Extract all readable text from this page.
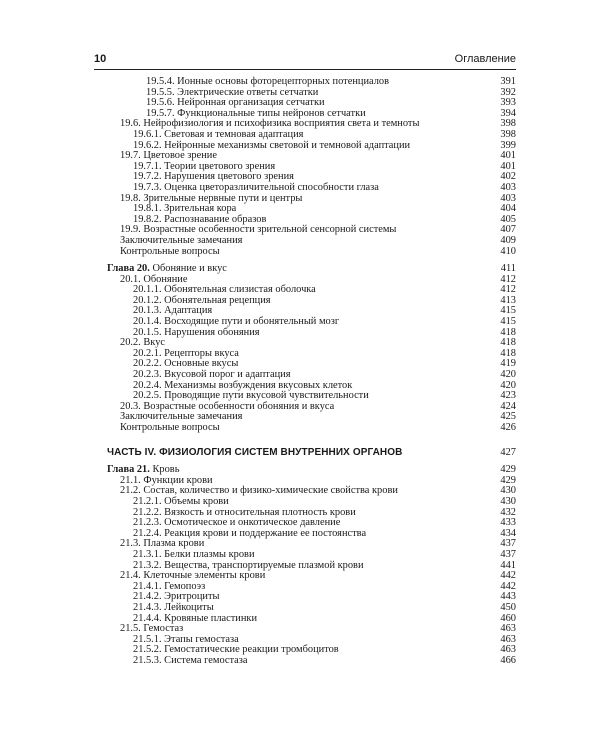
10	Оглавление
19.5.4. Ионные основы фоторецепторных потенциалов	391
19.5.5. Электрические ответы сетчатки	392
19.5.6. Нейронная организация сетчатки	393
19.5.7. Функциональные типы нейронов сетчатки	394
19.6. Нейрофизиология и психофизика восприятия света и темноты	398
19.6.1. Световая и темновая адаптация	398
19.6.2. Нейронные механизмы световой и темновой адаптации	399
19.7. Цветовое зрение	401
19.7.1. Теории цветового зрения	401
19.7.2. Нарушения цветового зрения	402
19.7.3. Оценка цветоразличительной способности глаза	403
19.8. Зрительные нервные пути и центры	403
19.8.1. Зрительная кора	404
19.8.2. Распознавание образов	405
19.9. Возрастные особенности зрительной сенсорной системы	407
Заключительные замечания	409
Контрольные вопросы	410
Глава 20. Обоняние и вкус	411
20.1. Обоняние	412
20.1.1. Обонятельная слизистая оболочка	412
20.1.2. Обонятельная рецепция	413
20.1.3. Адаптация	415
20.1.4. Восходящие пути и обонятельный мозг	415
20.1.5. Нарушения обоняния	418
20.2. Вкус	418
20.2.1. Рецепторы вкуса	418
20.2.2. Основные вкусы	419
20.2.3. Вкусовой порог и адаптация	420
20.2.4. Механизмы возбуждения вкусовых клеток	420
20.2.5. Проводящие пути вкусовой чувствительности	423
20.3. Возрастные особенности обоняния и вкуса	424
Заключительные замечания	425
Контрольные вопросы	426
ЧАСТЬ IV. ФИЗИОЛОГИЯ СИСТЕМ ВНУТРЕННИХ ОРГАНОВ	427
Глава 21. Кровь	429
21.1. Функции крови	429
21.2. Состав, количество и физико-химические свойства крови	430
21.2.1. Объемы крови	430
21.2.2. Вязкость и относительная плотность крови	432
21.2.3. Осмотическое и онкотическое давление	433
21.2.4. Реакция крови и поддержание ее постоянства	434
21.3. Плазма крови	437
21.3.1. Белки плазмы крови	437
21.3.2. Вещества, транспортируемые плазмой крови	441
21.4. Клеточные элементы крови	442
21.4.1. Гемопоэз	442
21.4.2. Эритроциты	443
21.4.3. Лейкоциты	450
21.4.4. Кровяные пластинки	460
21.5. Гемостаз	463
21.5.1. Этапы гемостаза	463
21.5.2. Гемостатические реакции тромбоцитов	463
21.5.3. Система гемостаза	466
